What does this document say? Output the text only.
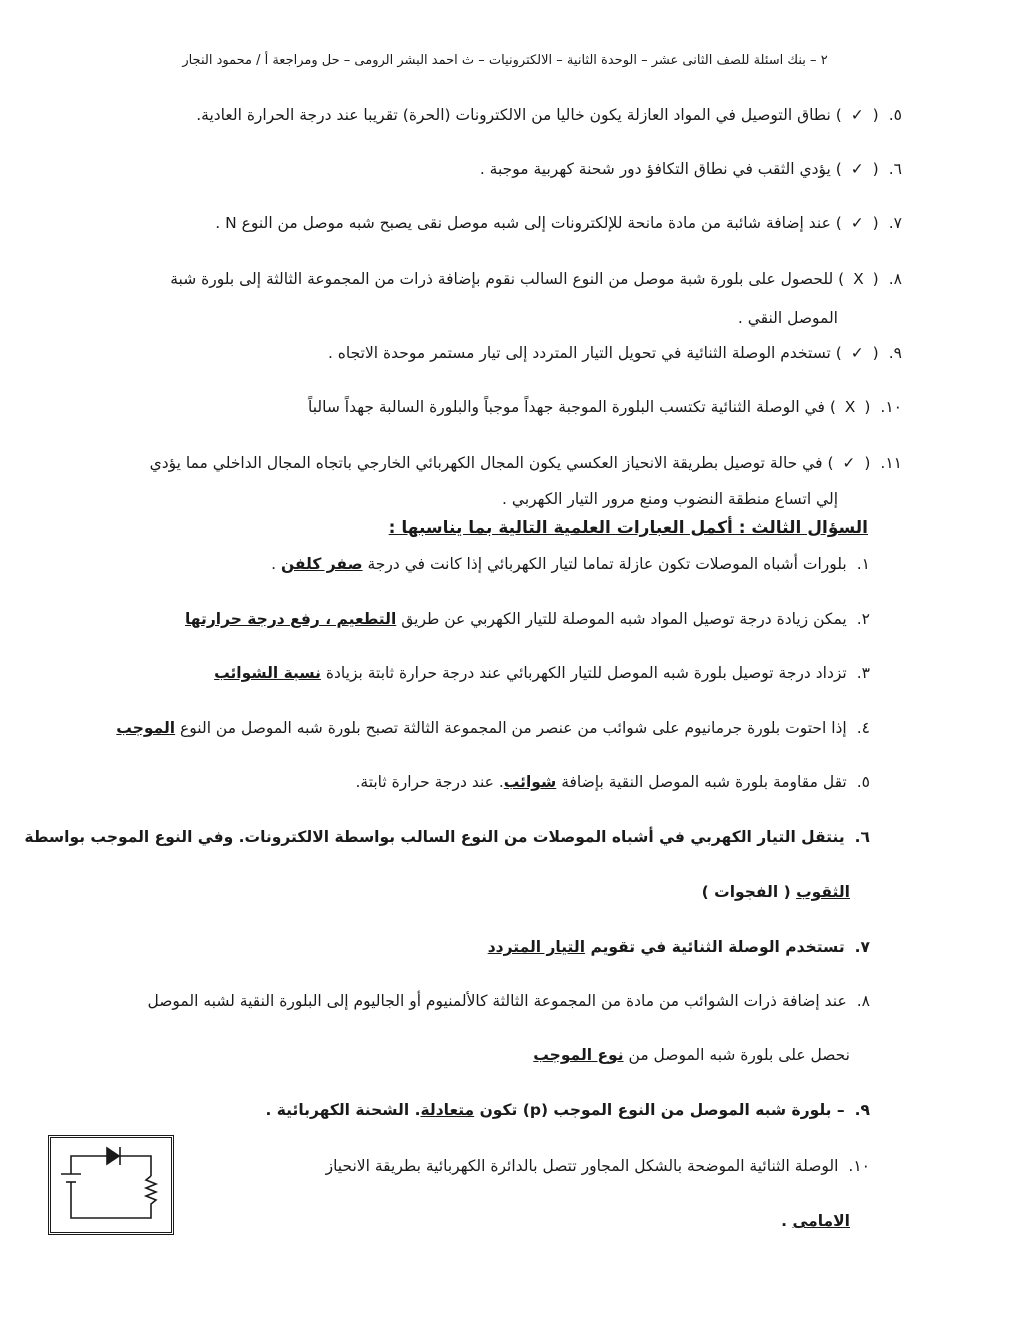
٢ – بنك اسئلة للصف الثانى عشر – الوحدة الثانية – الالكترونيات – ث احمد البشر الرومى – حل ومراجعة أ / محمود النجار
٥.( ✓ ) نطاق التوصيل في المواد العازلة يكون خاليا من الالكترونات (الحرة) تقريبا عند درجة الحرارة العادية.
٦.( ✓ ) يؤدي الثقب في نطاق التكافؤ دور شحنة كهربية موجبة .
٧.( ✓ ) عند إضافة شائبة من مادة مانحة للإلكترونات إلى شبه موصل نقى يصبح شبه موصل من النوع N .
٨.( X ) للحصول على بلورة شبة موصل من النوع السالب نقوم بإضافة ذرات من المجموعة الثالثة إلى بلورة شبة
الموصل النقي .
٩.( ✓ ) تستخدم الوصلة الثنائية في تحويل التيار المتردد إلى تيار مستمر موحدة الاتجاه .
١٠.( X ) في الوصلة الثنائية تكتسب البلورة الموجبة جهداً موجباً والبلورة السالبة جهداً سالباً
١١.( ✓ ) في حالة توصيل بطريقة الانحياز العكسي يكون المجال الكهربائي الخارجي باتجاه المجال الداخلي مما يؤدي
إلي اتساع منطقة النضوب ومنع مرور التيار الكهربي .
السؤال الثالث : أكمل العبارات العلمية التالية بما يناسبها :
١.بلورات أشباه الموصلات تكون عازلة تماما لتيار الكهربائي إذا كانت في درجة صفر كلفن .
٢.يمكن زيادة درجة توصيل المواد شبه الموصلة للتيار الكهربي عن طريق التطعيم ، رفع درجة حرارتها
٣.تزداد درجة توصيل بلورة شبه الموصل للتيار الكهربائي عند درجة حرارة ثابتة بزيادة نسبة الشوائب
٤.إذا احتوت بلورة جرمانيوم على شوائب من عنصر من المجموعة الثالثة تصبح بلورة شبه الموصل من النوع الموجب
٥.تقل مقاومة بلورة شبه الموصل النقية بإضافة شوائب. عند درجة حرارة ثابتة.
٦.ينتقل التيار الكهربي في أشباه الموصلات من النوع السالب بواسطة الالكترونات. وفي النوع الموجب بواسطة
الثقوب ( الفجوات )
٧.تستخدم الوصلة الثنائية في تقويم التيار المتردد
٨.عند إضافة ذرات الشوائب من مادة من المجموعة الثالثة كالألمنيوم أو الجاليوم إلى البلورة النقية لشبه الموصل
نحصل على بلورة شبه الموصل من نوع الموجب
٩.– بلورة شبه الموصل من النوع الموجب (p) تكون متعادلة. الشحنة الكهربائية .
١٠.الوصلة الثنائية الموضحة بالشكل المجاور تتصل بالدائرة الكهربائية بطريقة الانحياز
الامامى .
